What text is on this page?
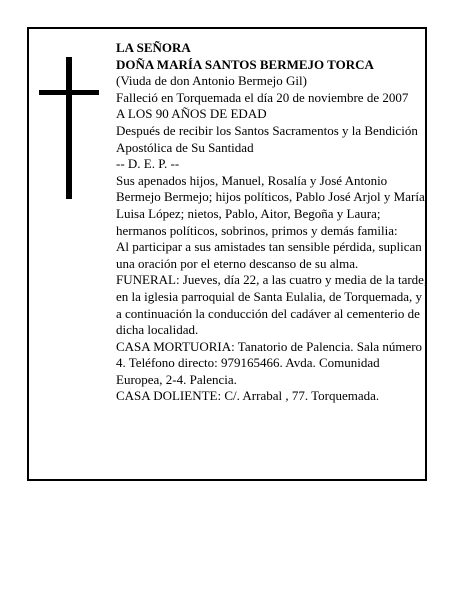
LA SEÑORA

DOÑA MARÍA SANTOS BERMEJO TORCA

(Viuda de don Antonio Bermejo Gil)

Falleció en Torquemada el día 20 de noviembre de 2007

A LOS 90 AÑOS DE EDAD

Después de recibir los Santos Sacramentos y la Bendición Apostólica de Su Santidad

-- D. E. P. --

Sus apenados hijos, Manuel, Rosalía y José Antonio Bermejo Bermejo; hijos políticos, Pablo José Arjol y María Luisa López; nietos, Pablo, Aitor, Begoña y Laura; hermanos políticos, sobrinos, primos y demás familia:

Al participar a sus amistades tan sensible pérdida, suplican una oración por el eterno descanso de su alma.

FUNERAL: Jueves, día 22, a las cuatro y media de la tarde, en la iglesia parroquial de Santa Eulalia, de Torquemada, y a continuación la conducción del cadáver al cementerio de dicha localidad.

CASA MORTUORIA: Tanatorio de Palencia. Sala número 4. Teléfono directo: 979165466. Avda. Comunidad Europea, 2-4. Palencia.

CASA DOLIENTE: C/. Arrabal , 77. Torquemada.
